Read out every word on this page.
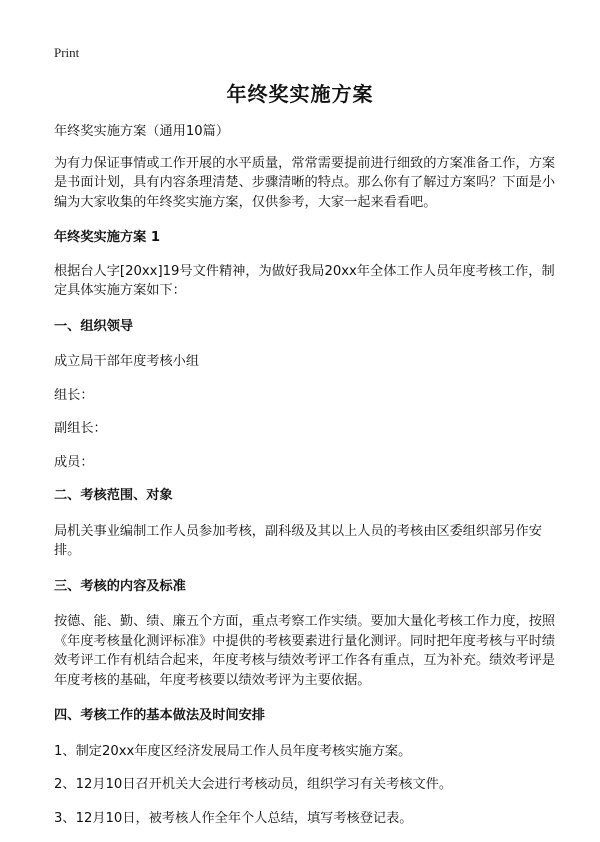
Print
年终奖实施方案

年终奖实施方案（通用10篇）

为有力保证事情或工作开展的水平质量，常常需要提前进行细致的方案准备工作，方案是书面计划，具有内容条理清楚、步骤清晰的特点。那么你有了解过方案吗？下面是小编为大家收集的年终奖实施方案，仅供参考，大家一起来看看吧。

年终奖实施方案 1

根据台人字[20xx]19号文件精神，为做好我局20xx年全体工作人员年度考核工作，制定具体实施方案如下：

一、组织领导

成立局干部年度考核小组

组长：

副组长：

成员：

二、考核范围、对象

局机关事业编制工作人员参加考核，副科级及其以上人员的考核由区委组织部另作安排。

三、考核的内容及标准

按德、能、勤、绩、廉五个方面，重点考察工作实绩。要加大量化考核工作力度，按照《年度考核量化测评标准》中提供的考核要素进行量化测评。同时把年度考核与平时绩效考评工作有机结合起来，年度考核与绩效考评工作各有重点，互为补充。绩效考评是年度考核的基础，年度考核要以绩效考评为主要依据。

四、考核工作的基本做法及时间安排

1、制定20xx年度区经济发展局工作人员年度考核实施方案。

2、12月10日召开机关大会进行考核动员，组织学习有关考核文件。

3、12月10日，被考核人作全年个人总结，填写考核登记表。
